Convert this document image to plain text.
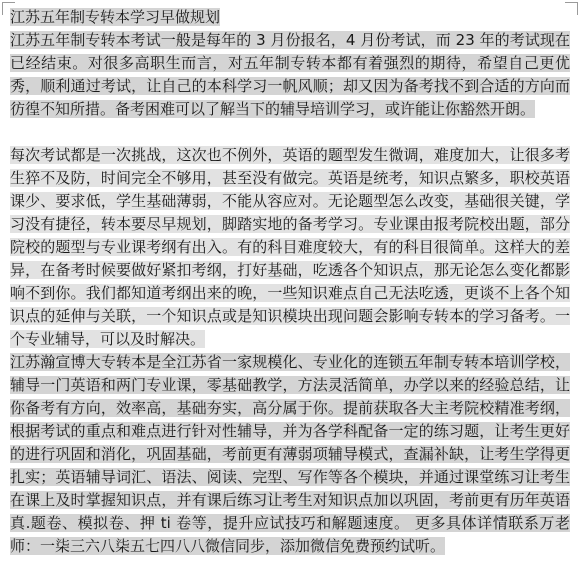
江苏五年制专转本学习早做规划

江苏五年制专转本考试一般是每年的 3 月份报名，4 月份考试，而 23 年的考试现在已经结束。对很多高职生而言，对五年制专转本都有着强烈的期待，希望自己更优秀，顺利通过考试，让自己的本科学习一帆风顺；却又因为备考找不到合适的方向而彷徨不知所措。备考困难可以了解当下的辅导培训学习，或许能让你豁然开朗。

每次考试都是一次挑战，这次也不例外，英语的题型发生微调，难度加大，让很多考生猝不及防，时间完全不够用，甚至没有做完。英语是统考，知识点繁多，职校英语课少、要求低，学生基础薄弱，不能从容应对。无论题型怎么改变，基础很关键，学习没有捷径，转本要尽早规划，脚踏实地的备考学习。专业课由报考院校出题，部分院校的题型与专业课考纲有出入。有的科目难度较大，有的科目很简单。这样大的差异，在备考时候要做好紧扣考纲，打好基础，吃透各个知识点，那无论怎么变化都影响不到你。我们都知道考纲出来的晚，一些知识难点自己无法吃透，更谈不上各个知识点的延伸与关联，一个知识点或是知识模块出现问题会影响专转本的学习备考。一个专业辅导，可以及时解决。

江苏瀚宣博大专转本是全江苏省一家规模化、专业化的连锁五年制专转本培训学校，辅导一门英语和两门专业课，零基础教学，方法灵活简单，办学以来的经验总结，让你备考有方向，效率高，基础夯实，高分属于你。提前获取各大主考院校精准考纲，根据考试的重点和难点进行针对性辅导，并为各学科配备一定的练习题，让考生更好的进行巩固和消化，巩固基础，考前更有薄弱项辅导模式，查漏补缺，让考生学得更扎实；英语辅导词汇、语法、阅读、完型、写作等各个模块，并通过课堂练习让考生在课上及时掌握知识点，并有课后练习让考生对知识点加以巩固，考前更有历年英语真.题卷、模拟卷、押 ti 卷等，提升应试技巧和解题速度。 更多具体详情联系万老师：一柒三六八柒五七四八八微信同步，添加微信免费预约试听。
